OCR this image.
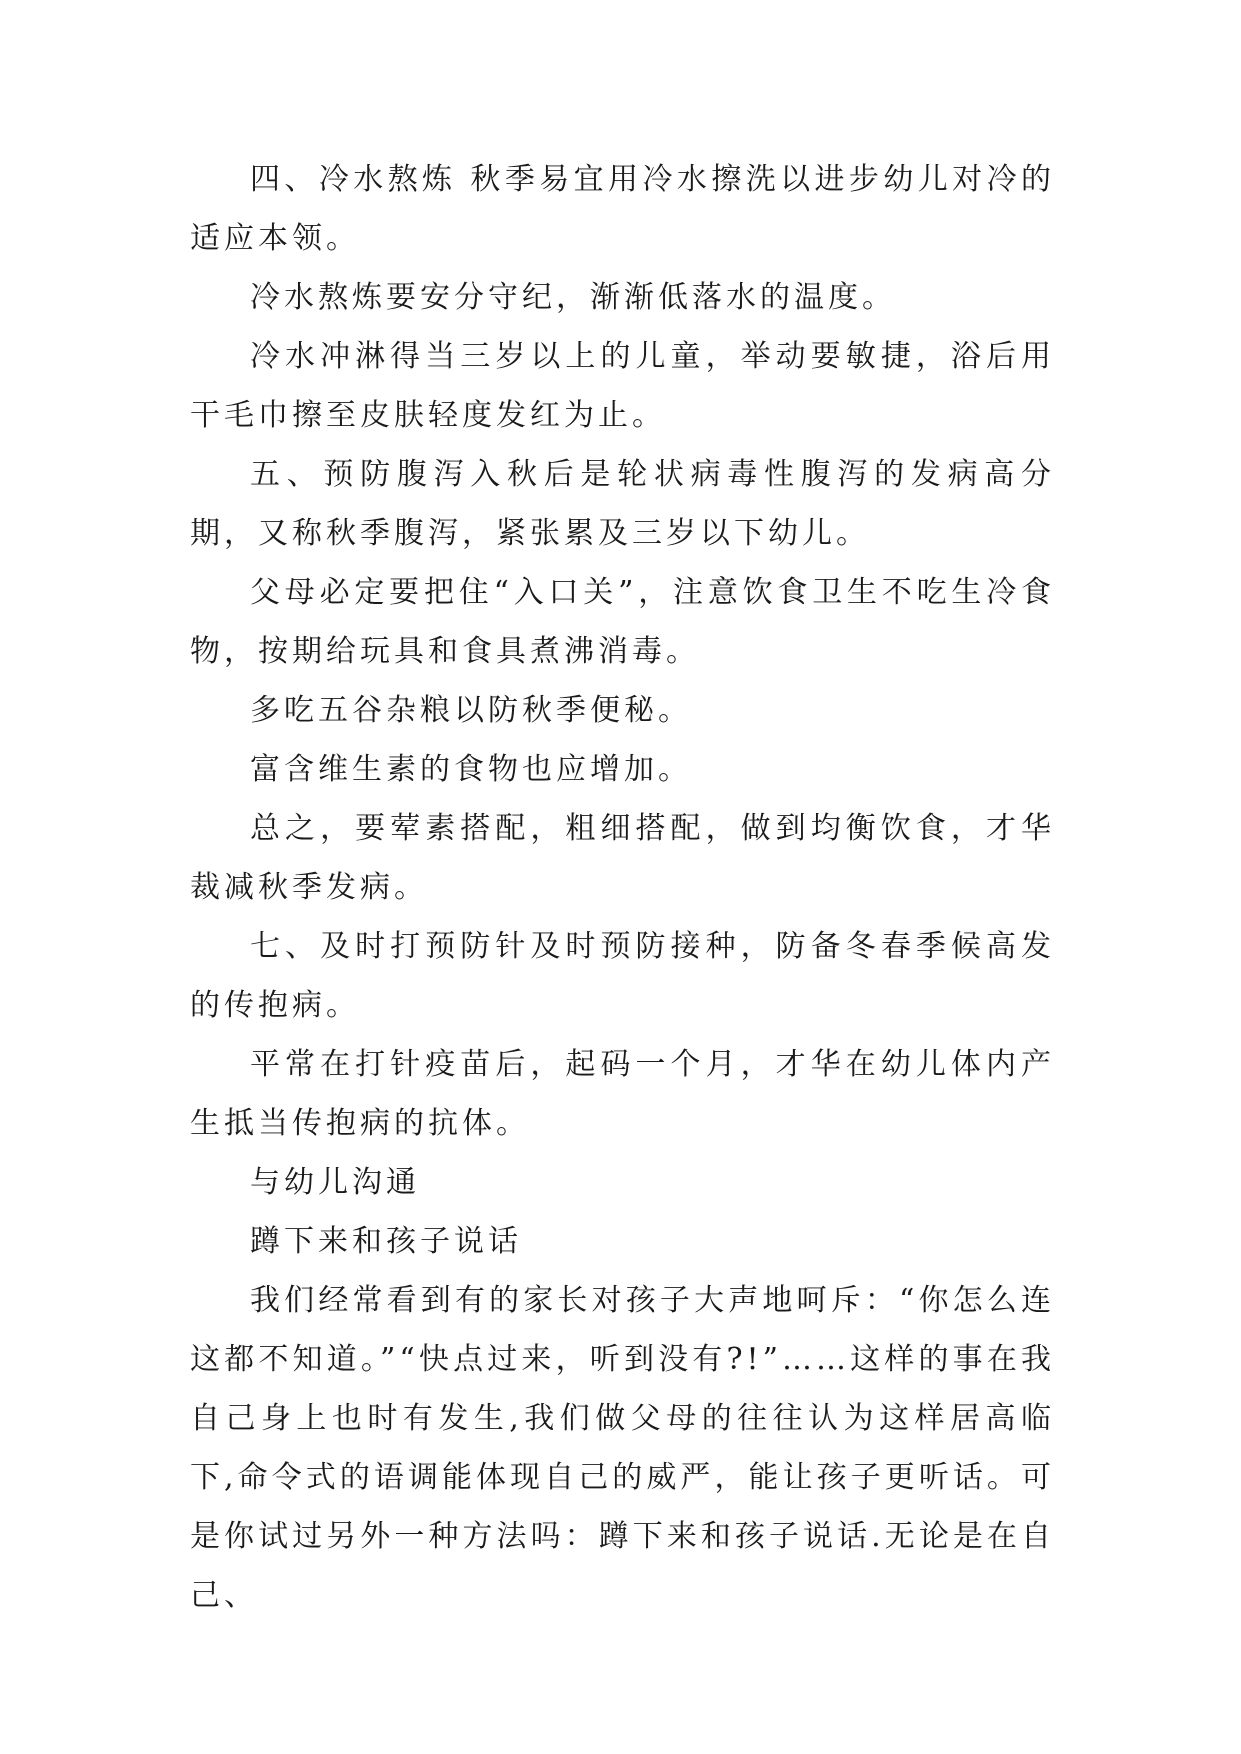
四、冷水熬炼 秋季易宜用冷水擦洗以进步幼儿对冷的适应本领。

冷水熬炼要安分守纪，渐渐低落水的温度。

冷水冲淋得当三岁以上的儿童，举动要敏捷，浴后用干毛巾擦至皮肤轻度发红为止。

五、预防腹泻入秋后是轮状病毒性腹泻的发病高分期，又称秋季腹泻，紧张累及三岁以下幼儿。

父母必定要把住“入口关”，注意饮食卫生不吃生冷食物，按期给玩具和食具煮沸消毒。

多吃五谷杂粮以防秋季便秘。

富含维生素的食物也应增加。

总之，要荤素搭配，粗细搭配，做到均衡饮食，才华裁减秋季发病。

七、及时打预防针及时预防接种，防备冬春季候高发的传抱病。

平常在打针疫苗后，起码一个月，才华在幼儿体内产生抵当传抱病的抗体。

与幼儿沟通

蹲下来和孩子说话

我们经常看到有的家长对孩子大声地呵斥：“你怎么连这都不知道。”“快点过来，听到没有?!”……这样的事在我自己身上也时有发生,我们做父母的往往认为这样居高临下,命令式的语调能体现自己的威严，能让孩子更听话。可是你试过另外一种方法吗：蹲下来和孩子说话.无论是在自己、
